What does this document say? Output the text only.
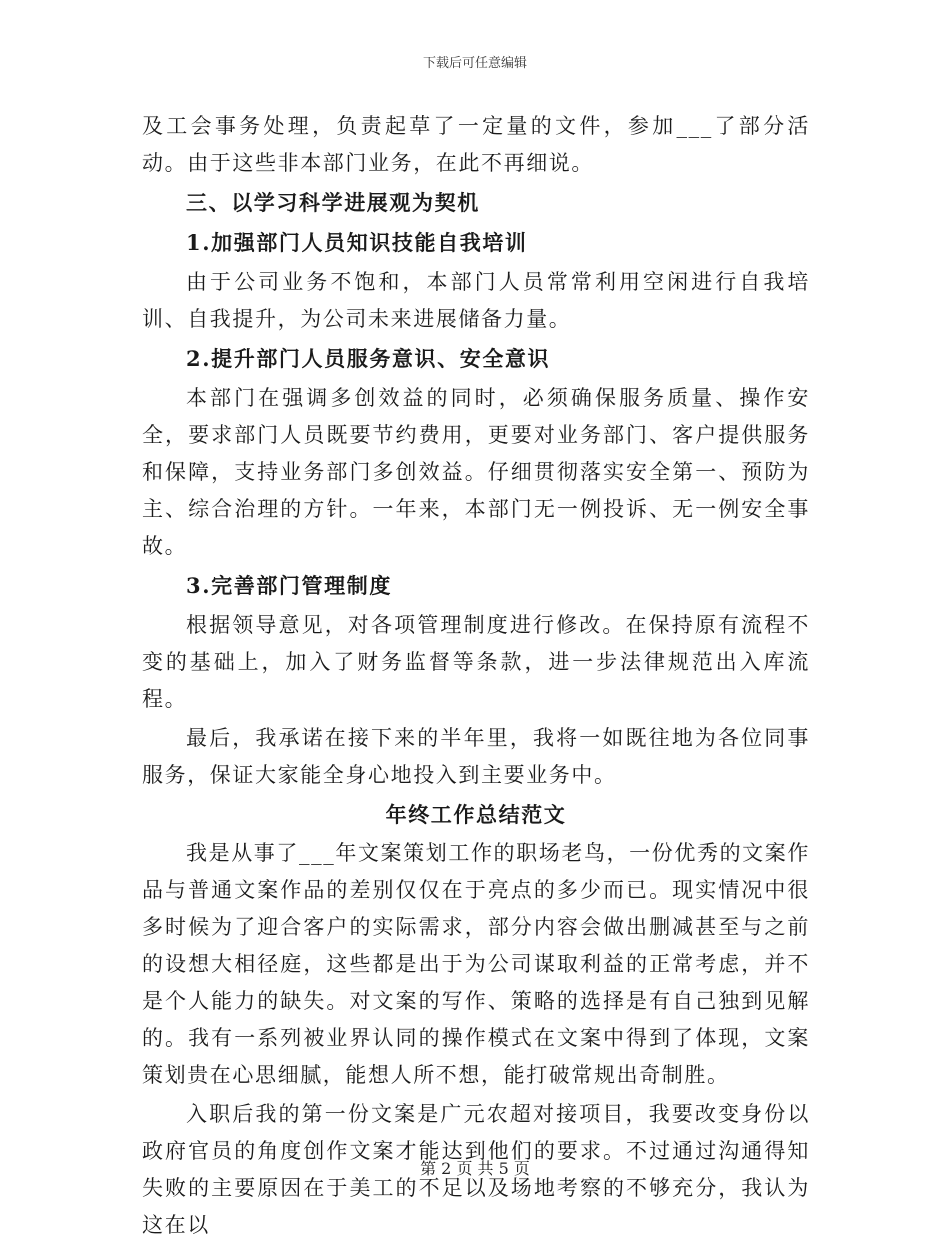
下载后可任意编辑

及工会事务处理，负责起草了一定量的文件，参加___了部分活动。由于这些非本部门业务，在此不再细说。

三、以学习科学进展观为契机

1.加强部门人员知识技能自我培训

由于公司业务不饱和，本部门人员常常利用空闲进行自我培训、自我提升，为公司未来进展储备力量。

2.提升部门人员服务意识、安全意识

本部门在强调多创效益的同时，必须确保服务质量、操作安全，要求部门人员既要节约费用，更要对业务部门、客户提供服务和保障，支持业务部门多创效益。仔细贯彻落实安全第一、预防为主、综合治理的方针。一年来，本部门无一例投诉、无一例安全事故。

3.完善部门管理制度

根据领导意见，对各项管理制度进行修改。在保持原有流程不变的基础上，加入了财务监督等条款，进一步法律规范出入库流程。

最后，我承诺在接下来的半年里，我将一如既往地为各位同事服务，保证大家能全身心地投入到主要业务中。

年终工作总结范文

我是从事了___年文案策划工作的职场老鸟，一份优秀的文案作品与普通文案作品的差别仅仅在于亮点的多少而已。现实情况中很多时候为了迎合客户的实际需求，部分内容会做出删减甚至与之前的设想大相径庭，这些都是出于为公司谋取利益的正常考虑，并不是个人能力的缺失。对文案的写作、策略的选择是有自己独到见解的。我有一系列被业界认同的操作模式在文案中得到了体现，文案策划贵在心思细腻，能想人所不想，能打破常规出奇制胜。

入职后我的第一份文案是广元农超对接项目，我要改变身份以政府官员的角度创作文案才能达到他们的要求。不过通过沟通得知失败的主要原因在于美工的不足以及场地考察的不够充分，我认为这在以

第 2 页 共 5 页
